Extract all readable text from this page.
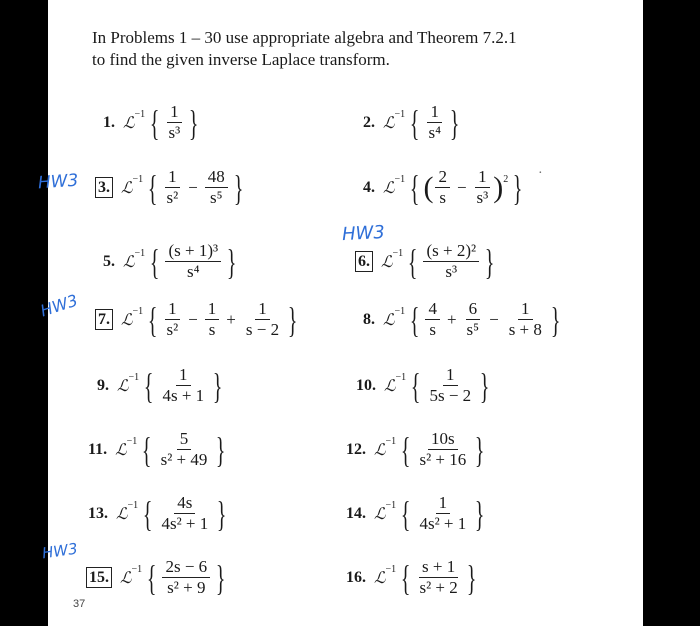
In Problems 1 – 30 use appropriate algebra and Theorem 7.2.1
to find the given inverse Laplace transform.
1. ℒ −1 { $\frac{1}{\text{s³}}$ }	2. ℒ −1 { $\frac{1}{\text{s⁴}}$ }
3. ℒ −1 { $\frac{1}{\text{s²}} - \frac{48}{\text{s⁵}}$ }	4. ℒ −1 { ( $\frac{2}{s} - \frac{1}{\text{s³}}$ ) 2 }
5. ℒ −1 { $\frac{\text{(s + 1)³}}{\text{s⁴}}$ }	6. ℒ −1 { $\frac{\text{(s + 2)²}}{\text{s³}}$ }
7. ℒ −1 { $\frac{1}{\text{s²}} - \frac{1}{s} + \frac{1}{s - 2}$ }	8. ℒ −1 { $\frac{4}{s} + \frac{6}{\text{s⁵}} - \frac{1}{s + 8}$ }
9. ℒ −1 { $\frac{1}{4s + 1}$ }	10. ℒ −1 { $\frac{1}{5s - 2}$ }
11. ℒ −1 { $\frac{5}{\text{s² + 49}}$ }	12. ℒ −1 { $\frac{10s}{\text{s² + 16}}$ }
13. ℒ −1 { $\frac{4s}{\text{4s² + 1}}$ }	14. ℒ −1 { $\frac{1}{\text{4s² + 1}}$ }
15. ℒ −1 { $\frac{2s - 6}{\text{s² + 9}}$ }	16. ℒ −1 { $\frac{s + 1}{\text{s² + 2}}$ }
HW3
HW3
HW3
HW3
37
·
